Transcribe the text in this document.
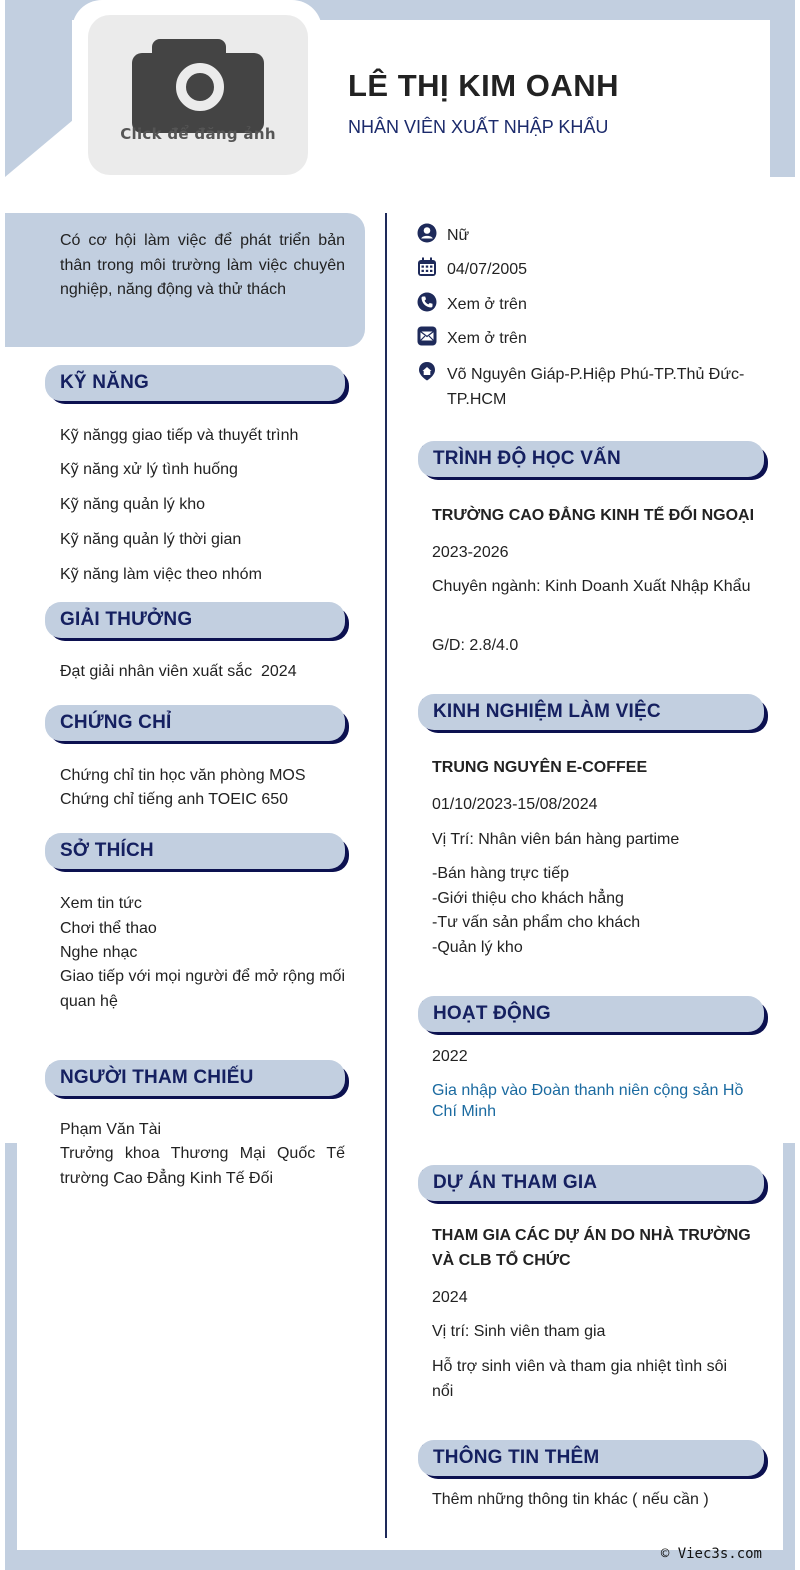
Click để đăng ảnh
LÊ THỊ KIM OANH
NHÂN VIÊN XUẤT NHẬP KHẨU
Có cơ hội làm việc để phát triển bản thân trong môi trường làm việc chuyên nghiệp, năng động và thử thách
Nữ
04/07/2005
Xem ở trên
Xem ở trên
Võ Nguyên Giáp-P.Hiệp Phú-TP.Thủ Đức-TP.HCM
KỸ NĂNG
Kỹ năngg giao tiếp và thuyết trình
Kỹ năng xử lý tình huống
Kỹ năng quản lý kho
Kỹ năng quản lý thời gian
Kỹ năng làm việc theo nhóm
GIẢI THƯỞNG
Đạt giải nhân viên xuất sắc  2024
CHỨNG CHỈ
Chứng chỉ tin học văn phòng MOS
Chứng chỉ tiếng anh TOEIC 650
SỞ THÍCH
Xem tin tức
Chơi thể thao
Nghe nhạc
Giao tiếp với mọi người để mở rộng mối quan hệ
NGƯỜI THAM CHIẾU
Phạm Văn Tài
Trưởng khoa Thương Mại Quốc Tế trường Cao Đẳng Kinh Tế Đối
TRÌNH ĐỘ HỌC VẤN
TRƯỜNG CAO ĐẲNG KINH TẾ ĐỐI NGOẠI
2023-2026
Chuyên ngành: Kinh Doanh Xuất Nhập Khẩu
G/D: 2.8/4.0
KINH NGHIỆM LÀM VIỆC
TRUNG NGUYÊN E-COFFEE
01/10/2023-15/08/2024
Vị Trí: Nhân viên bán hàng partime
-Bán hàng trực tiếp
-Giới thiệu cho khách hẳng
-Tư vấn sản phẩm cho khách
-Quản lý kho
HOẠT ĐỘNG
2022
Gia nhập vào Đoàn thanh niên cộng sản Hồ Chí Minh
DỰ ÁN THAM GIA
THAM GIA CÁC DỰ ÁN DO NHÀ TRƯỜNG VÀ CLB TỔ CHỨC
2024
Vị trí: Sinh viên tham gia
Hỗ trợ sinh viên và tham gia nhiệt tình sôi nổi
THÔNG TIN THÊM
Thêm những thông tin khác ( nếu cần )
© Viec3s.com
